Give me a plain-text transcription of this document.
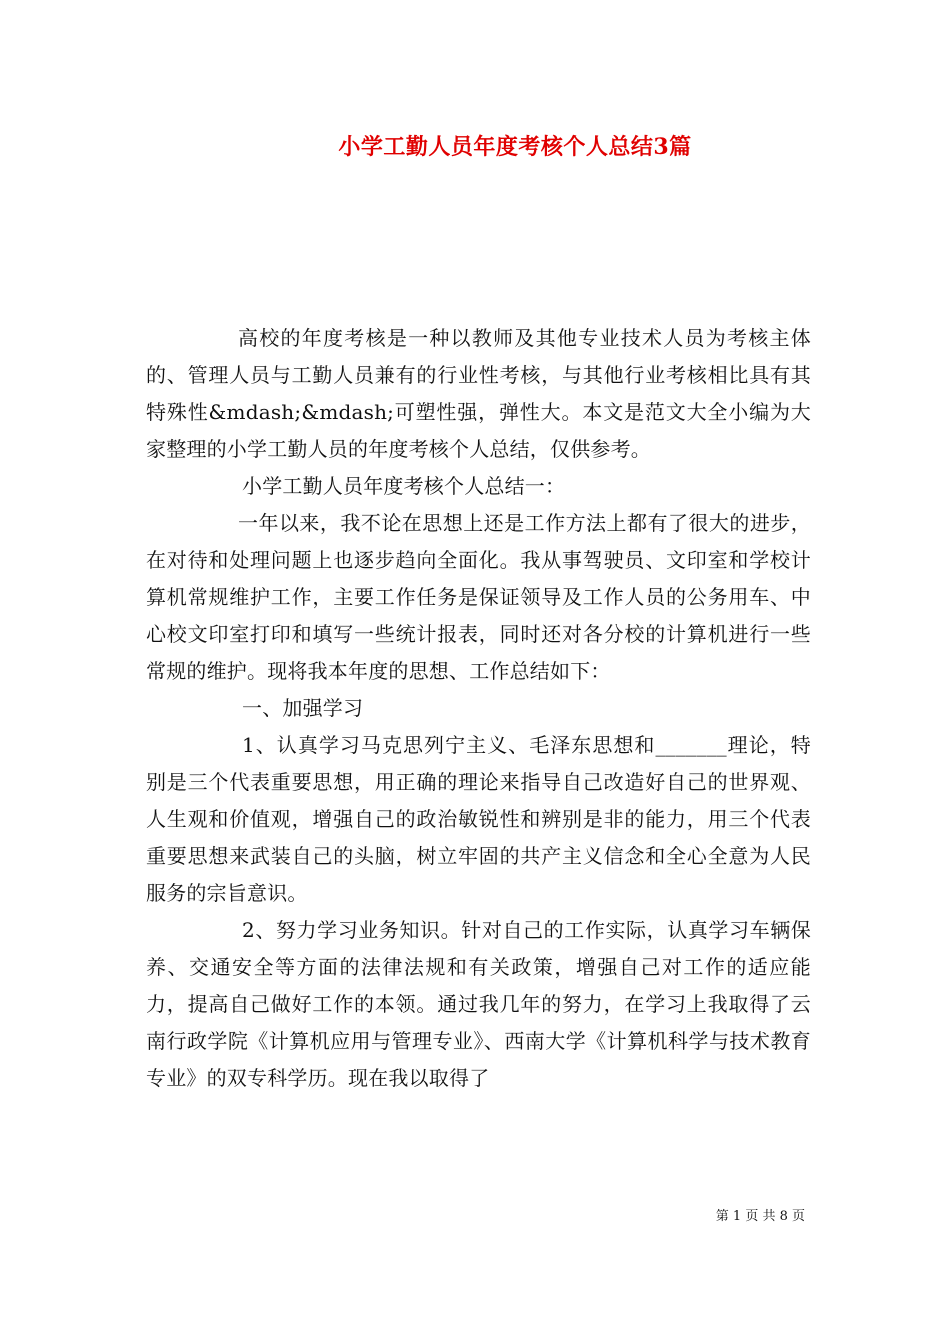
小学工勤人员年度考核个人总结3篇

高校的年度考核是一种以教师及其他专业技术人员为考核主体的、管理人员与工勤人员兼有的行业性考核，与其他行业考核相比具有其特殊性&mdash;&mdash;可塑性强，弹性大。本文是范文大全小编为大家整理的小学工勤人员的年度考核个人总结，仅供参考。

小学工勤人员年度考核个人总结一：

一年以来，我不论在思想上还是工作方法上都有了很大的进步，在对待和处理问题上也逐步趋向全面化。我从事驾驶员、文印室和学校计算机常规维护工作，主要工作任务是保证领导及工作人员的公务用车、中心校文印室打印和填写一些统计报表，同时还对各分校的计算机进行一些常规的维护。现将我本年度的思想、工作总结如下：

一、加强学习

1、认真学习马克思列宁主义、毛泽东思想和_______理论，特别是三个代表重要思想，用正确的理论来指导自己改造好自己的世界观、人生观和价值观，增强自己的政治敏锐性和辨别是非的能力，用三个代表重要思想来武装自己的头脑，树立牢固的共产主义信念和全心全意为人民服务的宗旨意识。

2、努力学习业务知识。针对自己的工作实际，认真学习车辆保养、交通安全等方面的法律法规和有关政策，增强自己对工作的适应能力，提高自己做好工作的本领。通过我几年的努力，在学习上我取得了云南行政学院《计算机应用与管理专业》、西南大学《计算机科学与技术教育专业》的双专科学历。现在我以取得了

第 1 页 共 8 页
